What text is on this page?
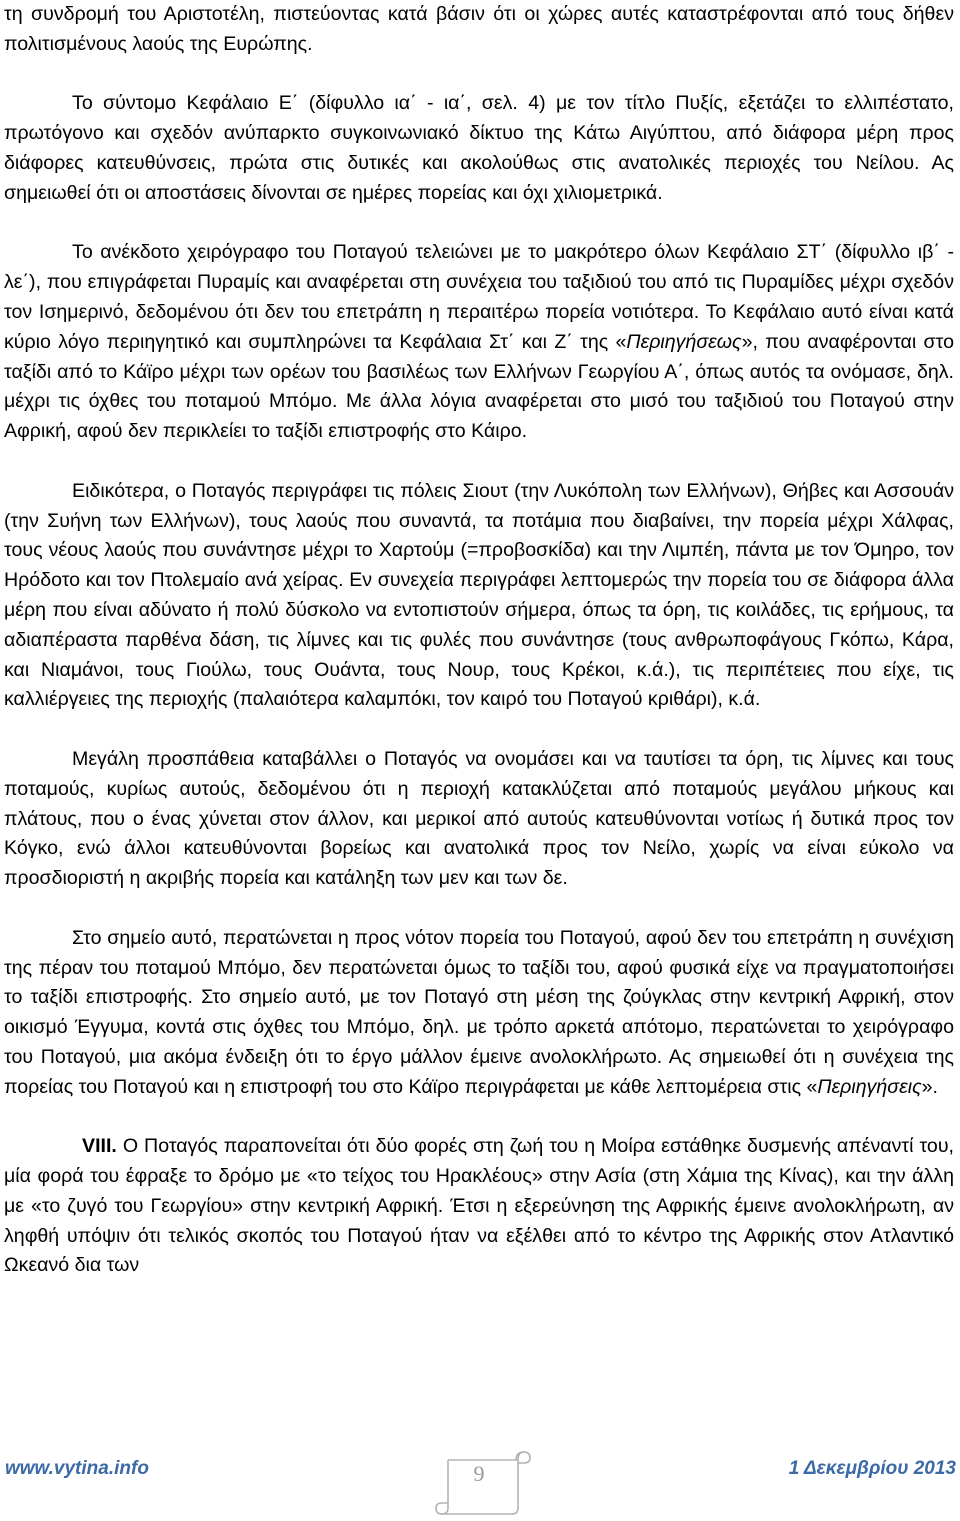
τη συνδρομή του Αριστοτέλη, πιστεύοντας κατά βάσιν ότι οι χώρες αυτές καταστρέφονται από τους δήθεν πολιτισμένους λαούς της Ευρώπης.

Το σύντομο Κεφάλαιο Ε΄ (δίφυλλο ια΄ - ια΄, σελ. 4) με τον τίτλο Πυξίς, εξετάζει το ελλιπέστατο, πρωτόγονο και σχεδόν ανύπαρκτο συγκοινωνιακό δίκτυο της Κάτω Αιγύπτου, από διάφορα μέρη προς διάφορες κατευθύνσεις, πρώτα στις δυτικές και ακολούθως στις ανατολικές περιοχές του Νείλου. Ας σημειωθεί ότι οι αποστάσεις δίνονται σε ημέρες πορείας και όχι χιλιομετρικά.

Το ανέκδοτο χειρόγραφο του Ποταγού τελειώνει με το μακρότερο όλων Κεφάλαιο ΣΤ΄ (δίφυλλο ιβ΄ - λε΄), που επιγράφεται Πυραμίς και αναφέρεται στη συνέχεια του ταξιδιού του από τις Πυραμίδες μέχρι σχεδόν τον Ισημερινό, δεδομένου ότι δεν του επετράπη η περαιτέρω πορεία νοτιότερα. Το Κεφάλαιο αυτό είναι κατά κύριο λόγο περιηγητικό και συμπληρώνει τα Κεφάλαια Στ΄ και Ζ΄ της «Περιηγήσεως», που αναφέρονται στο ταξίδι από το Κάϊρο μέχρι των ορέων του βασιλέως των Ελλήνων Γεωργίου Α΄, όπως αυτός τα ονόμασε, δηλ. μέχρι τις όχθες του ποταμού Μπόμο. Με άλλα λόγια αναφέρεται στο μισό του ταξιδιού του Ποταγού στην Αφρική, αφού δεν περικλείει το ταξίδι επιστροφής στο Κάιρο.

Ειδικότερα, ο Ποταγός περιγράφει τις πόλεις Σιουτ (την Λυκόπολη των Ελλήνων), Θήβες και Ασσουάν (την Συήνη των Ελλήνων), τους λαούς που συναντά, τα ποτάμια που διαβαίνει, την πορεία μέχρι Χάλφας, τους νέους λαούς που συνάντησε μέχρι το Χαρτούμ (=προβοσκίδα) και την Λιμπέη, πάντα με τον Όμηρο, τον Ηρόδοτο και τον Πτολεμαίο ανά χείρας. Εν συνεχεία περιγράφει λεπτομερώς την πορεία του σε διάφορα άλλα μέρη που είναι αδύνατο ή πολύ δύσκολο να εντοπιστούν σήμερα, όπως τα όρη, τις κοιλάδες, τις ερήμους, τα αδιαπέραστα παρθένα δάση, τις λίμνες και τις φυλές που συνάντησε (τους ανθρωποφάγους Γκόπω, Κάρα, και Νιαμάνοι, τους Γιούλω, τους Ουάντα, τους Νουρ, τους Κρέκοι, κ.ά.), τις περιπέτειες που είχε, τις καλλιέργειες της περιοχής (παλαιότερα καλαμπόκι, τον καιρό του Ποταγού κριθάρι), κ.ά.

Μεγάλη προσπάθεια καταβάλλει ο Ποταγός να ονομάσει και να ταυτίσει τα όρη, τις λίμνες και τους ποταμούς, κυρίως αυτούς, δεδομένου ότι η περιοχή κατακλύζεται από ποταμούς μεγάλου μήκους και πλάτους, που ο ένας χύνεται στον άλλον, και μερικοί από αυτούς κατευθύνονται νοτίως ή δυτικά προς τον Κόγκο, ενώ άλλοι κατευθύνονται βορείως και ανατολικά προς τον Νείλο, χωρίς να είναι εύκολο να προσδιοριστή η ακριβής πορεία και κατάληξη των μεν και των δε.

Στο σημείο αυτό, περατώνεται η προς νότον πορεία του Ποταγού, αφού δεν του επετράπη η συνέχιση της πέραν του ποταμού Μπόμο, δεν περατώνεται όμως το ταξίδι του, αφού φυσικά είχε να πραγματοποιήσει το ταξίδι επιστροφής. Στο σημείο αυτό, με τον Ποταγό στη μέση της ζούγκλας στην κεντρική Αφρική, στον οικισμό Έγγυμα, κοντά στις όχθες του Μπόμο, δηλ. με τρόπο αρκετά απότομο, περατώνεται το χειρόγραφο του Ποταγού, μια ακόμα ένδειξη ότι το έργο μάλλον έμεινε ανολοκλήρωτο. Ας σημειωθεί ότι η συνέχεια της πορείας του Ποταγού και η επιστροφή του στο Κάϊρο περιγράφεται με κάθε λεπτομέρεια στις «Περιηγήσεις».

VIII. Ο Ποταγός παραπονείται ότι δύο φορές στη ζωή του η Μοίρα εστάθηκε δυσμενής απέναντί του, μία φορά του έφραξε το δρόμο με «το τείχος του Ηρακλέους» στην Ασία (στη Χάμια της Κίνας), και την άλλη με «το ζυγό του Γεωργίου» στην κεντρική Αφρική. Έτσι η εξερεύνηση της Αφρικής έμεινε ανολοκλήρωτη, αν ληφθή υπόψιν ότι τελικός σκοπός του Ποταγού ήταν να εξέλθει από το κέντρο της Αφρικής στον Ατλαντικό Ωκεανό δια των

www.vytina.info	9	1 Δεκεμβρίου 2013
